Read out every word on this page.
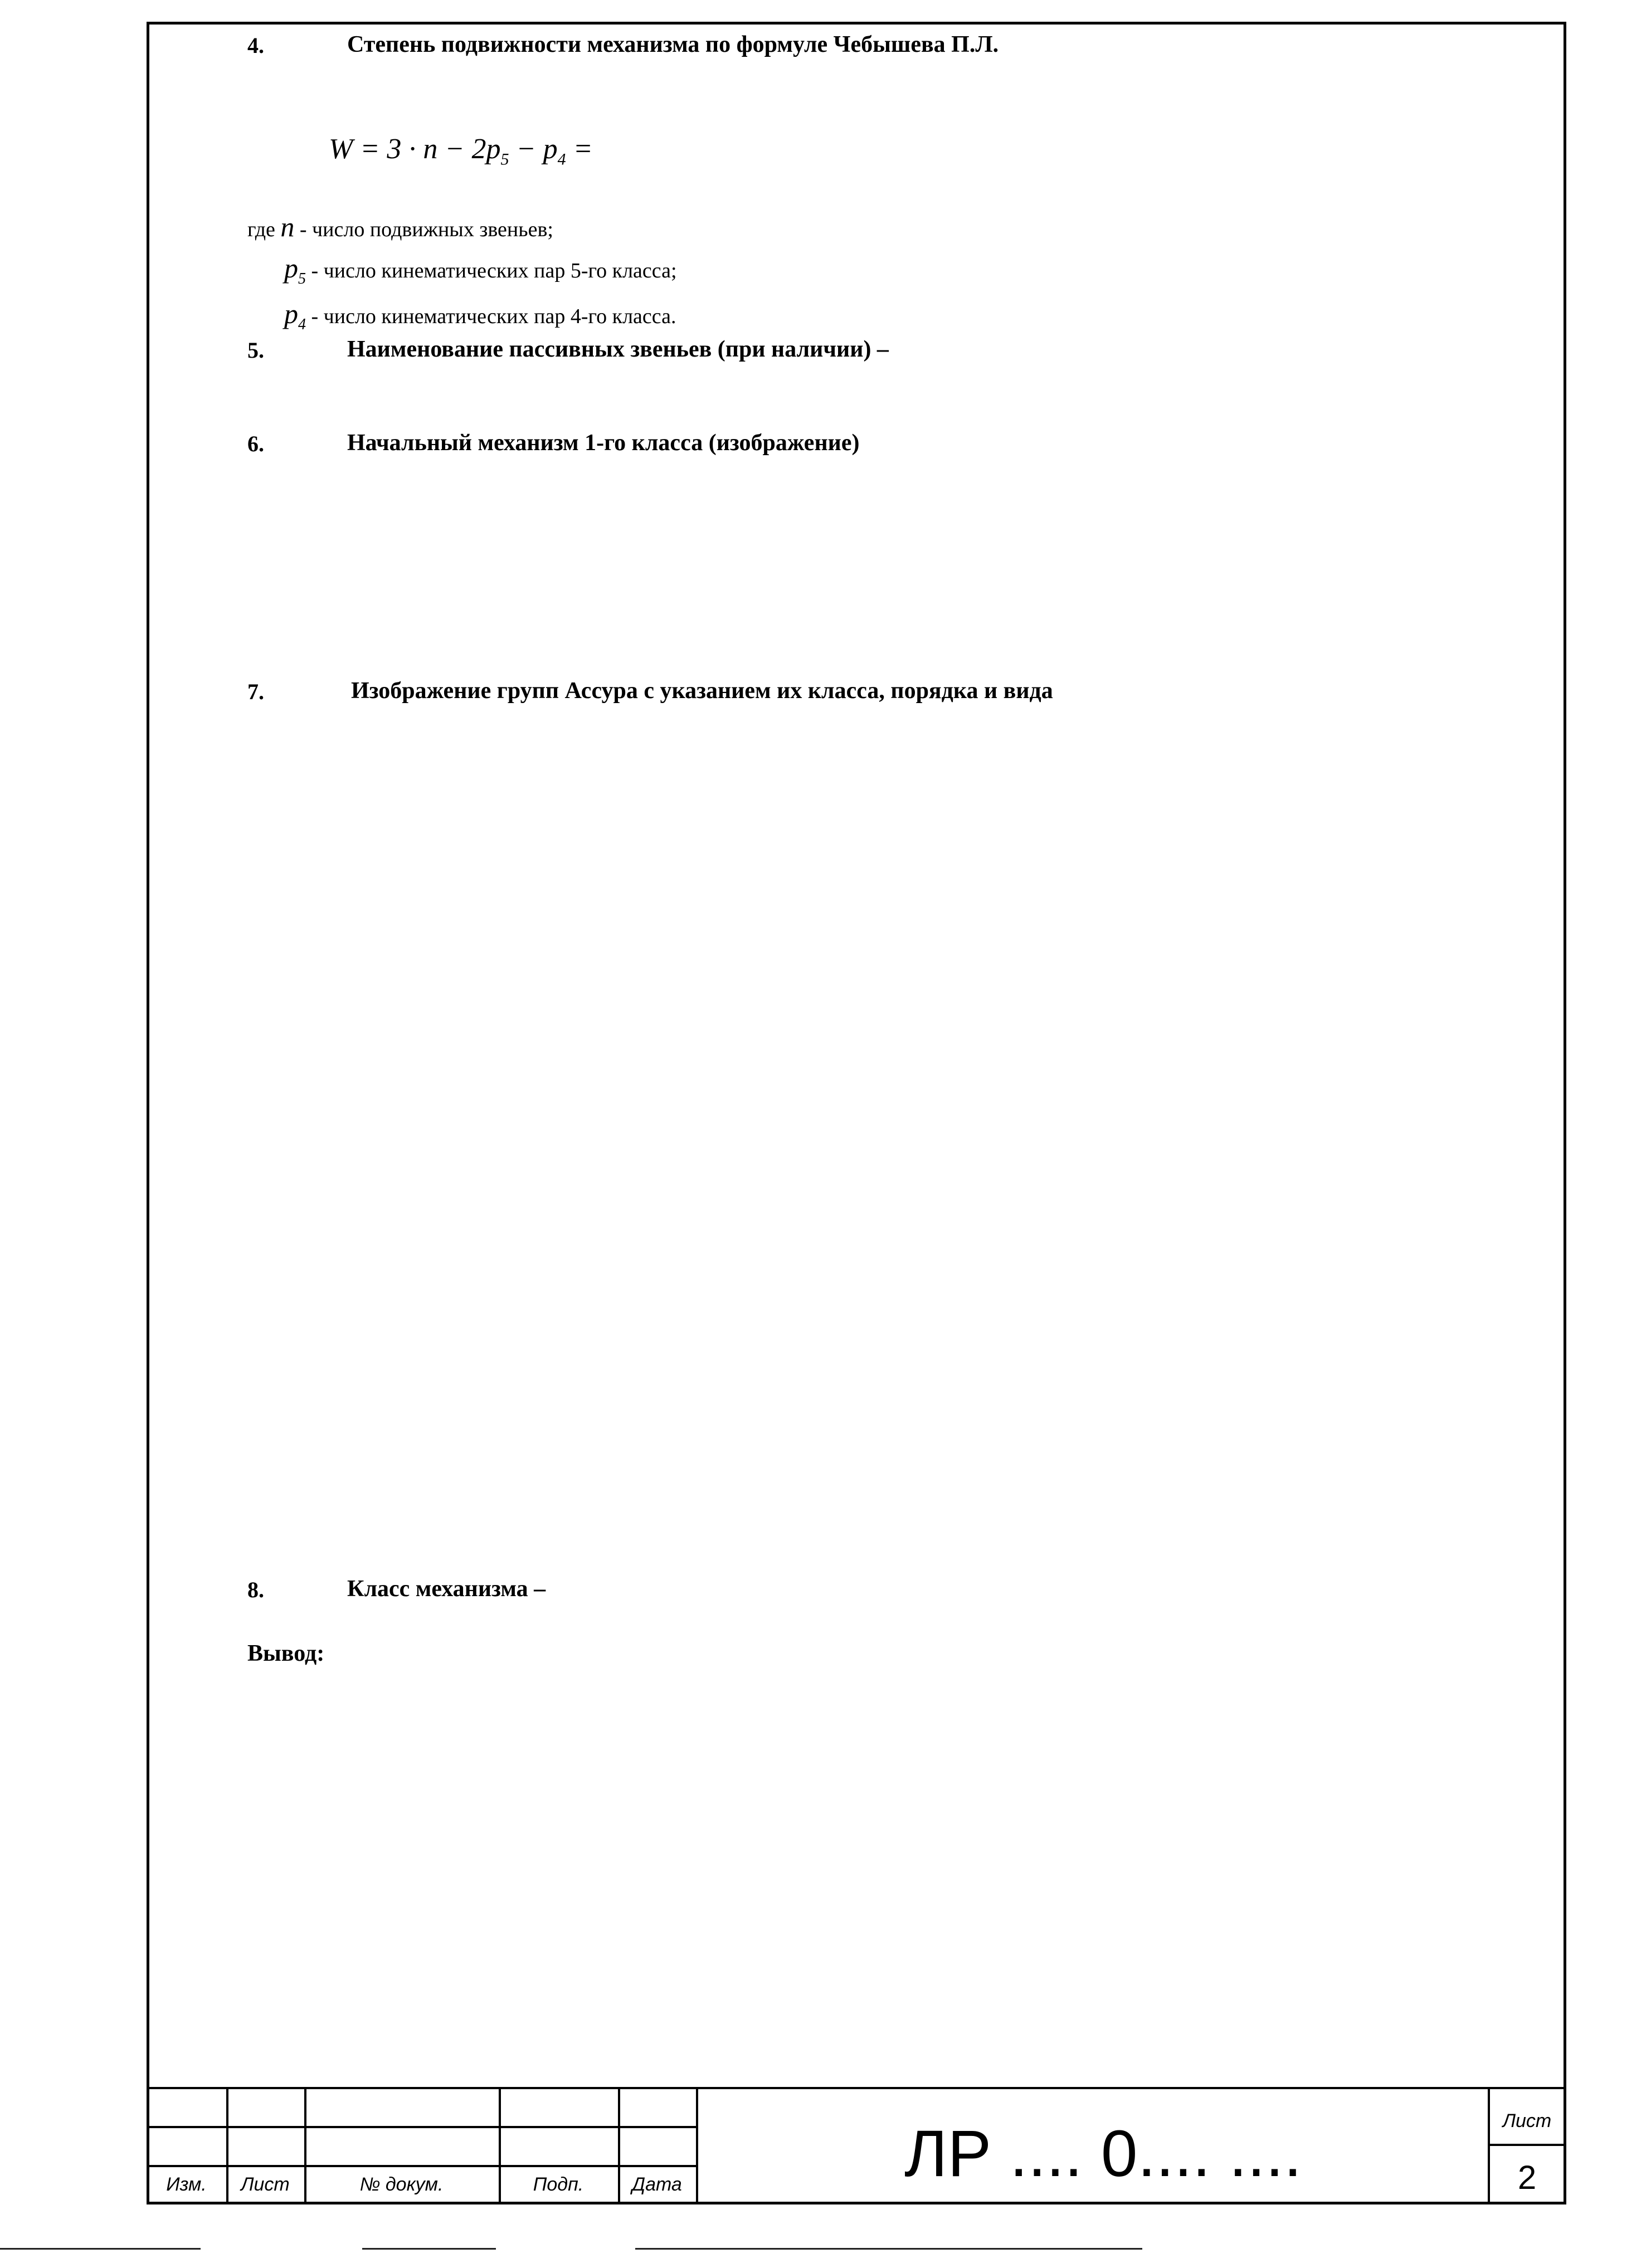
4.	Степень подвижности механизма по формуле Чебышева П.Л.
$W = 3 \cdot n - 2p_5 - p_4$ =
где n - число подвижных звеньев;
$p_5$ - число кинематических пар 5-го класса;
$p_4$ - число кинематических пар 4-го класса.
5.	Наименование пассивных звеньев (при наличии) –
6.	Начальный механизм 1-го класса (изображение)
7.	Изображение групп Ассура с указанием их класса, порядка и вида
8.	Класс механизма –
Вывод:
Изм.	Лист	№ докум.	Подп.	Дата	ЛР .... 0.... ....	Лист
2
